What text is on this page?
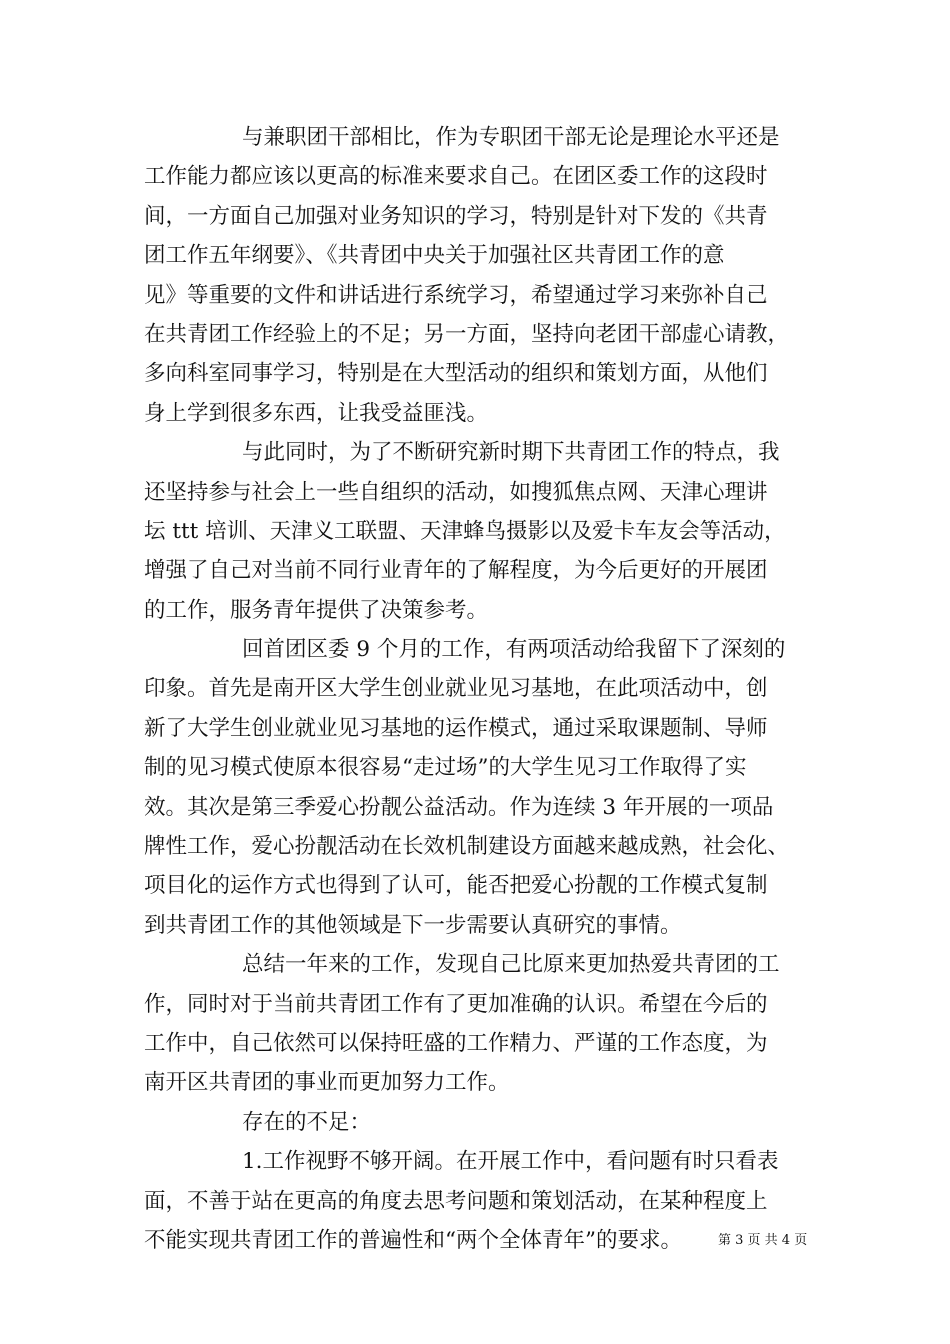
与兼职团干部相比，作为专职团干部无论是理论水平还是
工作能力都应该以更高的标准来要求自己。在团区委工作的这段时
间，一方面自己加强对业务知识的学习，特别是针对下发的《共青
团工作五年纲要》、《共青团中央关于加强社区共青团工作的意
见》等重要的文件和讲话进行系统学习，希望通过学习来弥补自己
在共青团工作经验上的不足；另一方面，坚持向老团干部虚心请教，
多向科室同事学习，特别是在大型活动的组织和策划方面，从他们
身上学到很多东西，让我受益匪浅。
与此同时，为了不断研究新时期下共青团工作的特点，我
还坚持参与社会上一些自组织的活动，如搜狐焦点网、天津心理讲
坛 ttt 培训、天津义工联盟、天津蜂鸟摄影以及爱卡车友会等活动，
增强了自己对当前不同行业青年的了解程度，为今后更好的开展团
的工作，服务青年提供了决策参考。
回首团区委 9 个月的工作，有两项活动给我留下了深刻的
印象。首先是南开区大学生创业就业见习基地，在此项活动中，创
新了大学生创业就业见习基地的运作模式，通过采取课题制、导师
制的见习模式使原本很容易“走过场”的大学生见习工作取得了实
效。其次是第三季爱心扮靓公益活动。作为连续 3 年开展的一项品
牌性工作，爱心扮靓活动在长效机制建设方面越来越成熟，社会化、
项目化的运作方式也得到了认可，能否把爱心扮靓的工作模式复制
到共青团工作的其他领域是下一步需要认真研究的事情。
总结一年来的工作，发现自己比原来更加热爱共青团的工
作，同时对于当前共青团工作有了更加准确的认识。希望在今后的
工作中，自己依然可以保持旺盛的工作精力、严谨的工作态度，为
南开区共青团的事业而更加努力工作。
存在的不足：
1.工作视野不够开阔。在开展工作中，看问题有时只看表
面，不善于站在更高的角度去思考问题和策划活动，在某种程度上
不能实现共青团工作的普遍性和“两个全体青年”的要求。	第 3 页 共 4 页
